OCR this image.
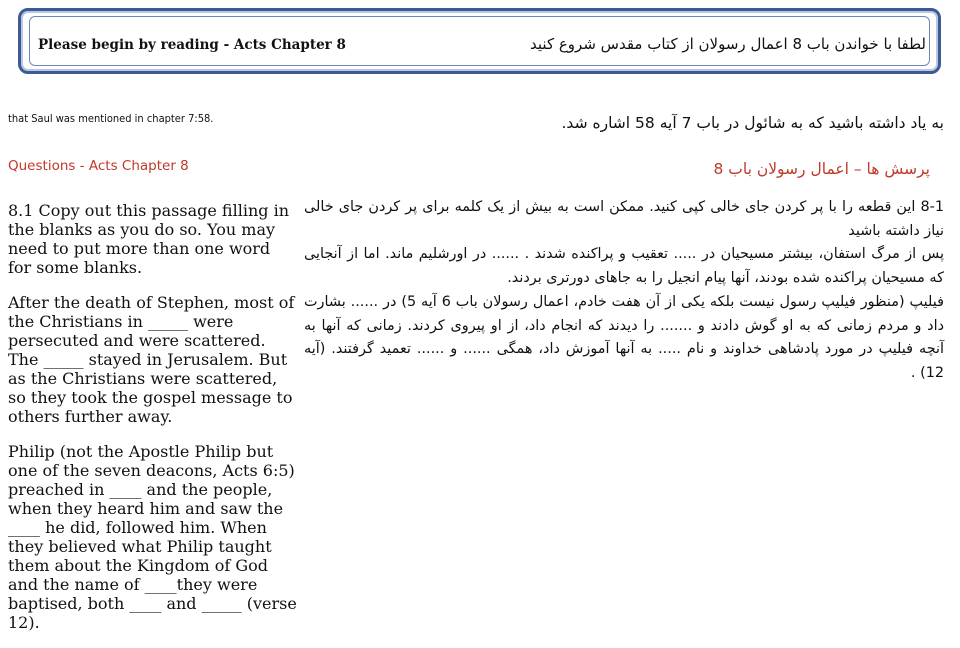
Please begin by reading - Acts Chapter 8	لطفا با خواندن باب 8 اعمال رسولان از کتاب مقدس شروع کنید
that Saul was mentioned in chapter 7:58.
Questions - Acts Chapter 8

8.1 Copy out this passage filling in the blanks as you do so. You may need to put more than one word for some blanks.

After the death of Stephen, most of the Christians in _____ were persecuted and were scattered. The _____ stayed in Jerusalem. But as the Christians were scattered, so they took the gospel message to others further away.

Philip (not the Apostle Philip but one of the seven deacons, Acts 6:5) preached in ____ and the people, when they heard him and saw the ____ he did, followed him. When they believed what Philip taught them about the Kingdom of God and the name of ____they were baptised, both ____ and _____ (verse 12).

به یاد داشته باشید که به شائول در باب 7 آیه 58 اشاره شد.
پرسش ها – اعمال رسولان باب 8

8-1 این قطعه را با پر کردن جای خالی کپی کنید. ممکن است به بیش از یک کلمه برای پر کردن جای خالی نیاز داشته باشید

پس از مرگ استفان، بیشتر مسیحیان در ..... تعقیب و پراکنده شدند . ...... در اورشلیم ماند. اما از آنجایی که مسیحیان پراکنده شده بودند، آنها پیام انجیل را به جاهای دورتری بردند.

فیلیپ (منظور فیلیپ رسول نیست بلکه یکی از آن هفت خادم، اعمال رسولان باب 6 آیه 5) در ...... بشارت داد و مردم زمانی که به او گوش دادند و ....... را دیدند که انجام داد، از او پیروی کردند. زمانی که آنها به آنچه فیلیپ در مورد پادشاهی خداوند و نام ..... به آنها آموزش داد، همگی ...... و ...... تعمید گرفتند. (آیه 12) .
